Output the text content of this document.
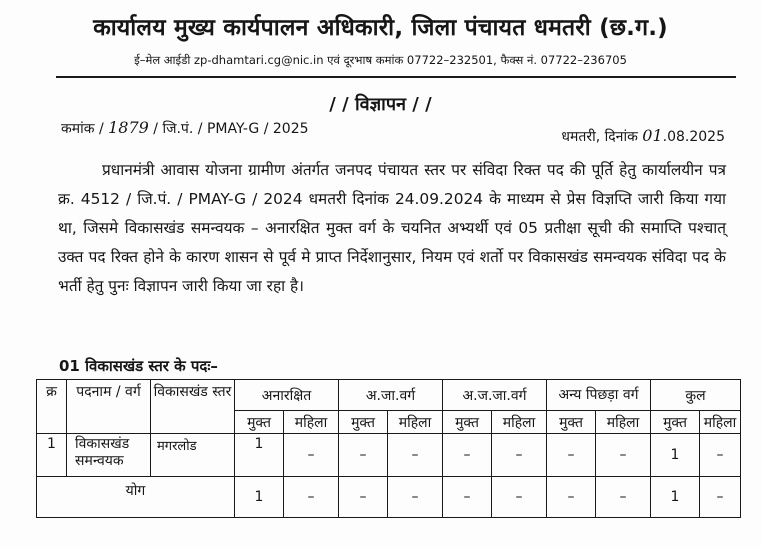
कार्यालय मुख्य कार्यपालन अधिकारी, जिला पंचायत धमतरी (छ.ग.)
ई–मेल आईडी zp-dhamtari.cg@nic.in एवं दूरभाष कमांक 07722–232501, फैक्स नं. 07722–236705
/ / विज्ञापन / /
कमांक / 1879 / जि.पं. / PMAY-G / 2025	धमतरी, दिनांक 01.08.2025
प्रधानमंत्री आवास योजना ग्रामीण अंतर्गत जनपद पंचायत स्तर पर संविदा रिक्त पद की पूर्ति हेतु कार्यालयीन पत्र क्र. 4512 / जि.पं. / PMAY-G / 2024 धमतरी दिनांक 24.09.2024 के माध्यम से प्रेस विज्ञप्ति जारी किया गया था, जिसमे विकासखंड समन्वयक – अनारक्षित मुक्त वर्ग के चयनित अभ्यर्थी एवं 05 प्रतीक्षा सूची की समाप्ति पश्चात् उक्त पद रिक्त होने के कारण शासन से पूर्व मे प्राप्त निर्देशानुसार, नियम एवं शर्तो पर विकासखंड समन्वयक संविदा पद के भर्ती हेतु पुनः विज्ञापन जारी किया जा रहा है।
01 विकासखंड स्तर के पदः–
क्र	पदनाम / वर्ग	विकासखंड स्तर	अनारक्षित		अ.जा.वर्ग		अ.ज.जा.वर्ग		अन्य पिछड़ा वर्ग		कुल	
			मुक्त	महिला	मुक्त	महिला	मुक्त	महिला	मुक्त	महिला	मुक्त	महिला
1	विकासखंड समन्वयक	मगरलोड	1	–	–	–	–	–	–	–	1	–
योग			1	–	–	–	–	–	–	–	1	–
